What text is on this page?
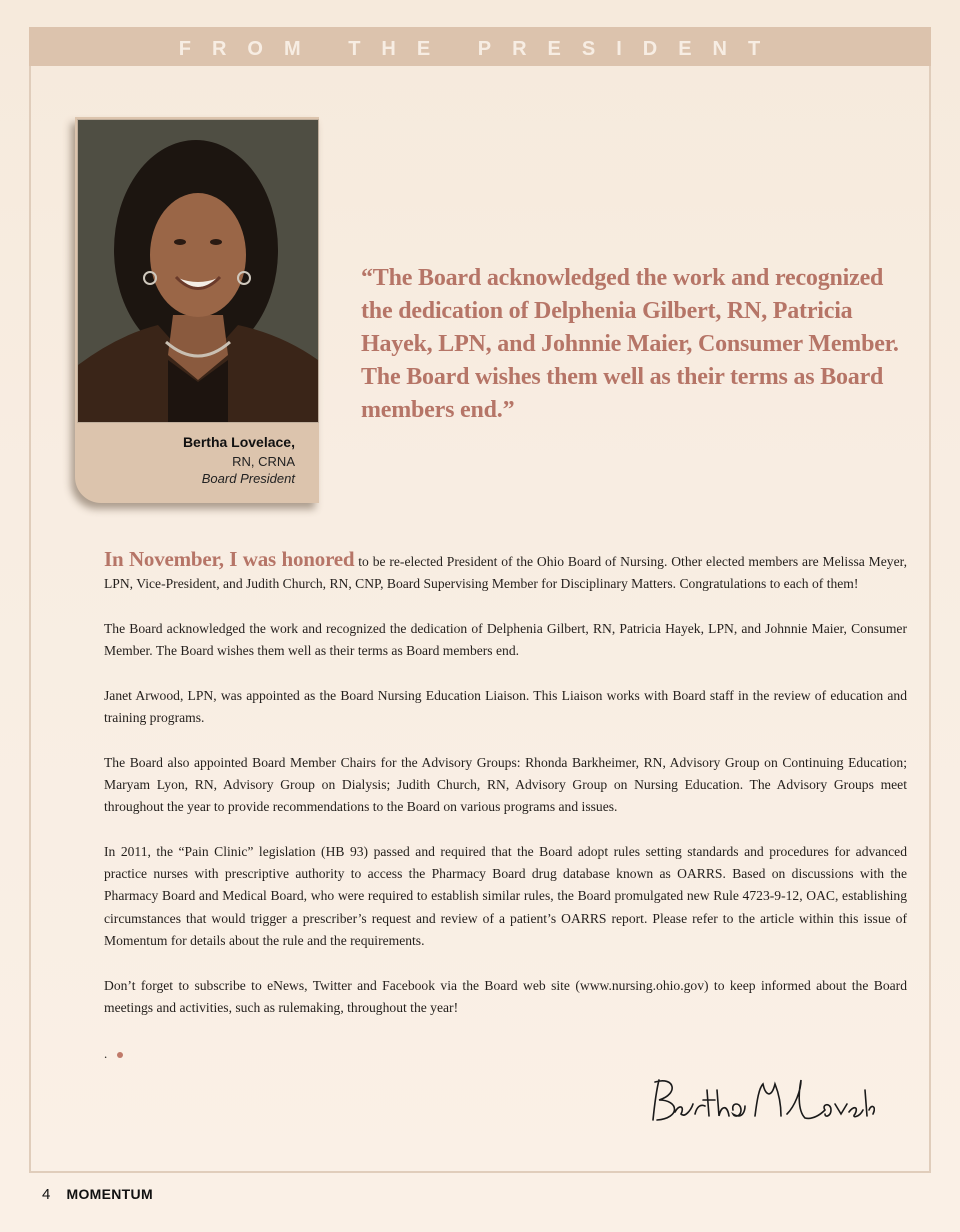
FROM THE PRESIDENT
Bertha Lovelace,
RN, CRNA
Board President
“The Board acknowledged the work and recognized the dedication of Delphenia Gilbert, RN, Patricia Hayek, LPN, and Johnnie Maier, Consumer Member. The Board wishes them well as their terms as Board members end.”

In November, I was honored to be re-elected President of the Ohio Board of Nursing. Other elected members are Melissa Meyer, LPN, Vice-President, and Judith Church, RN, CNP, Board Supervising Member for Disciplinary Matters. Congratulations to each of them!

The Board acknowledged the work and recognized the dedication of Delphenia Gilbert, RN, Patricia Hayek, LPN, and Johnnie Maier, Consumer Member. The Board wishes them well as their terms as Board members end.

Janet Arwood, LPN, was appointed as the Board Nursing Education Liaison. This Liaison works with Board staff in the review of education and training programs.

The Board also appointed Board Member Chairs for the Advisory Groups: Rhonda Barkheimer, RN, Advisory Group on Continuing Education; Maryam Lyon, RN, Advisory Group on Dialysis; Judith Church, RN, Advisory Group on Nursing Education. The Advisory Groups meet throughout the year to provide recommendations to the Board on various programs and issues.

In 2011, the “Pain Clinic” legislation (HB 93) passed and required that the Board adopt rules setting standards and procedures for advanced practice nurses with prescriptive authority to access the Pharmacy Board drug database known as OARRS. Based on discussions with the Pharmacy Board and Medical Board, who were required to establish similar rules, the Board promulgated new Rule 4723-9-12, OAC, establishing circumstances that would trigger a prescriber’s request and review of a patient’s OARRS report. Please refer to the article within this issue of Momentum for details about the rule and the requirements.

Don’t forget to subscribe to eNews, Twitter and Facebook via the Board web site (www.nursing.ohio.gov) to keep informed about the Board meetings and activities, such as rulemaking, throughout the year!

.
4 MOMENTUM
